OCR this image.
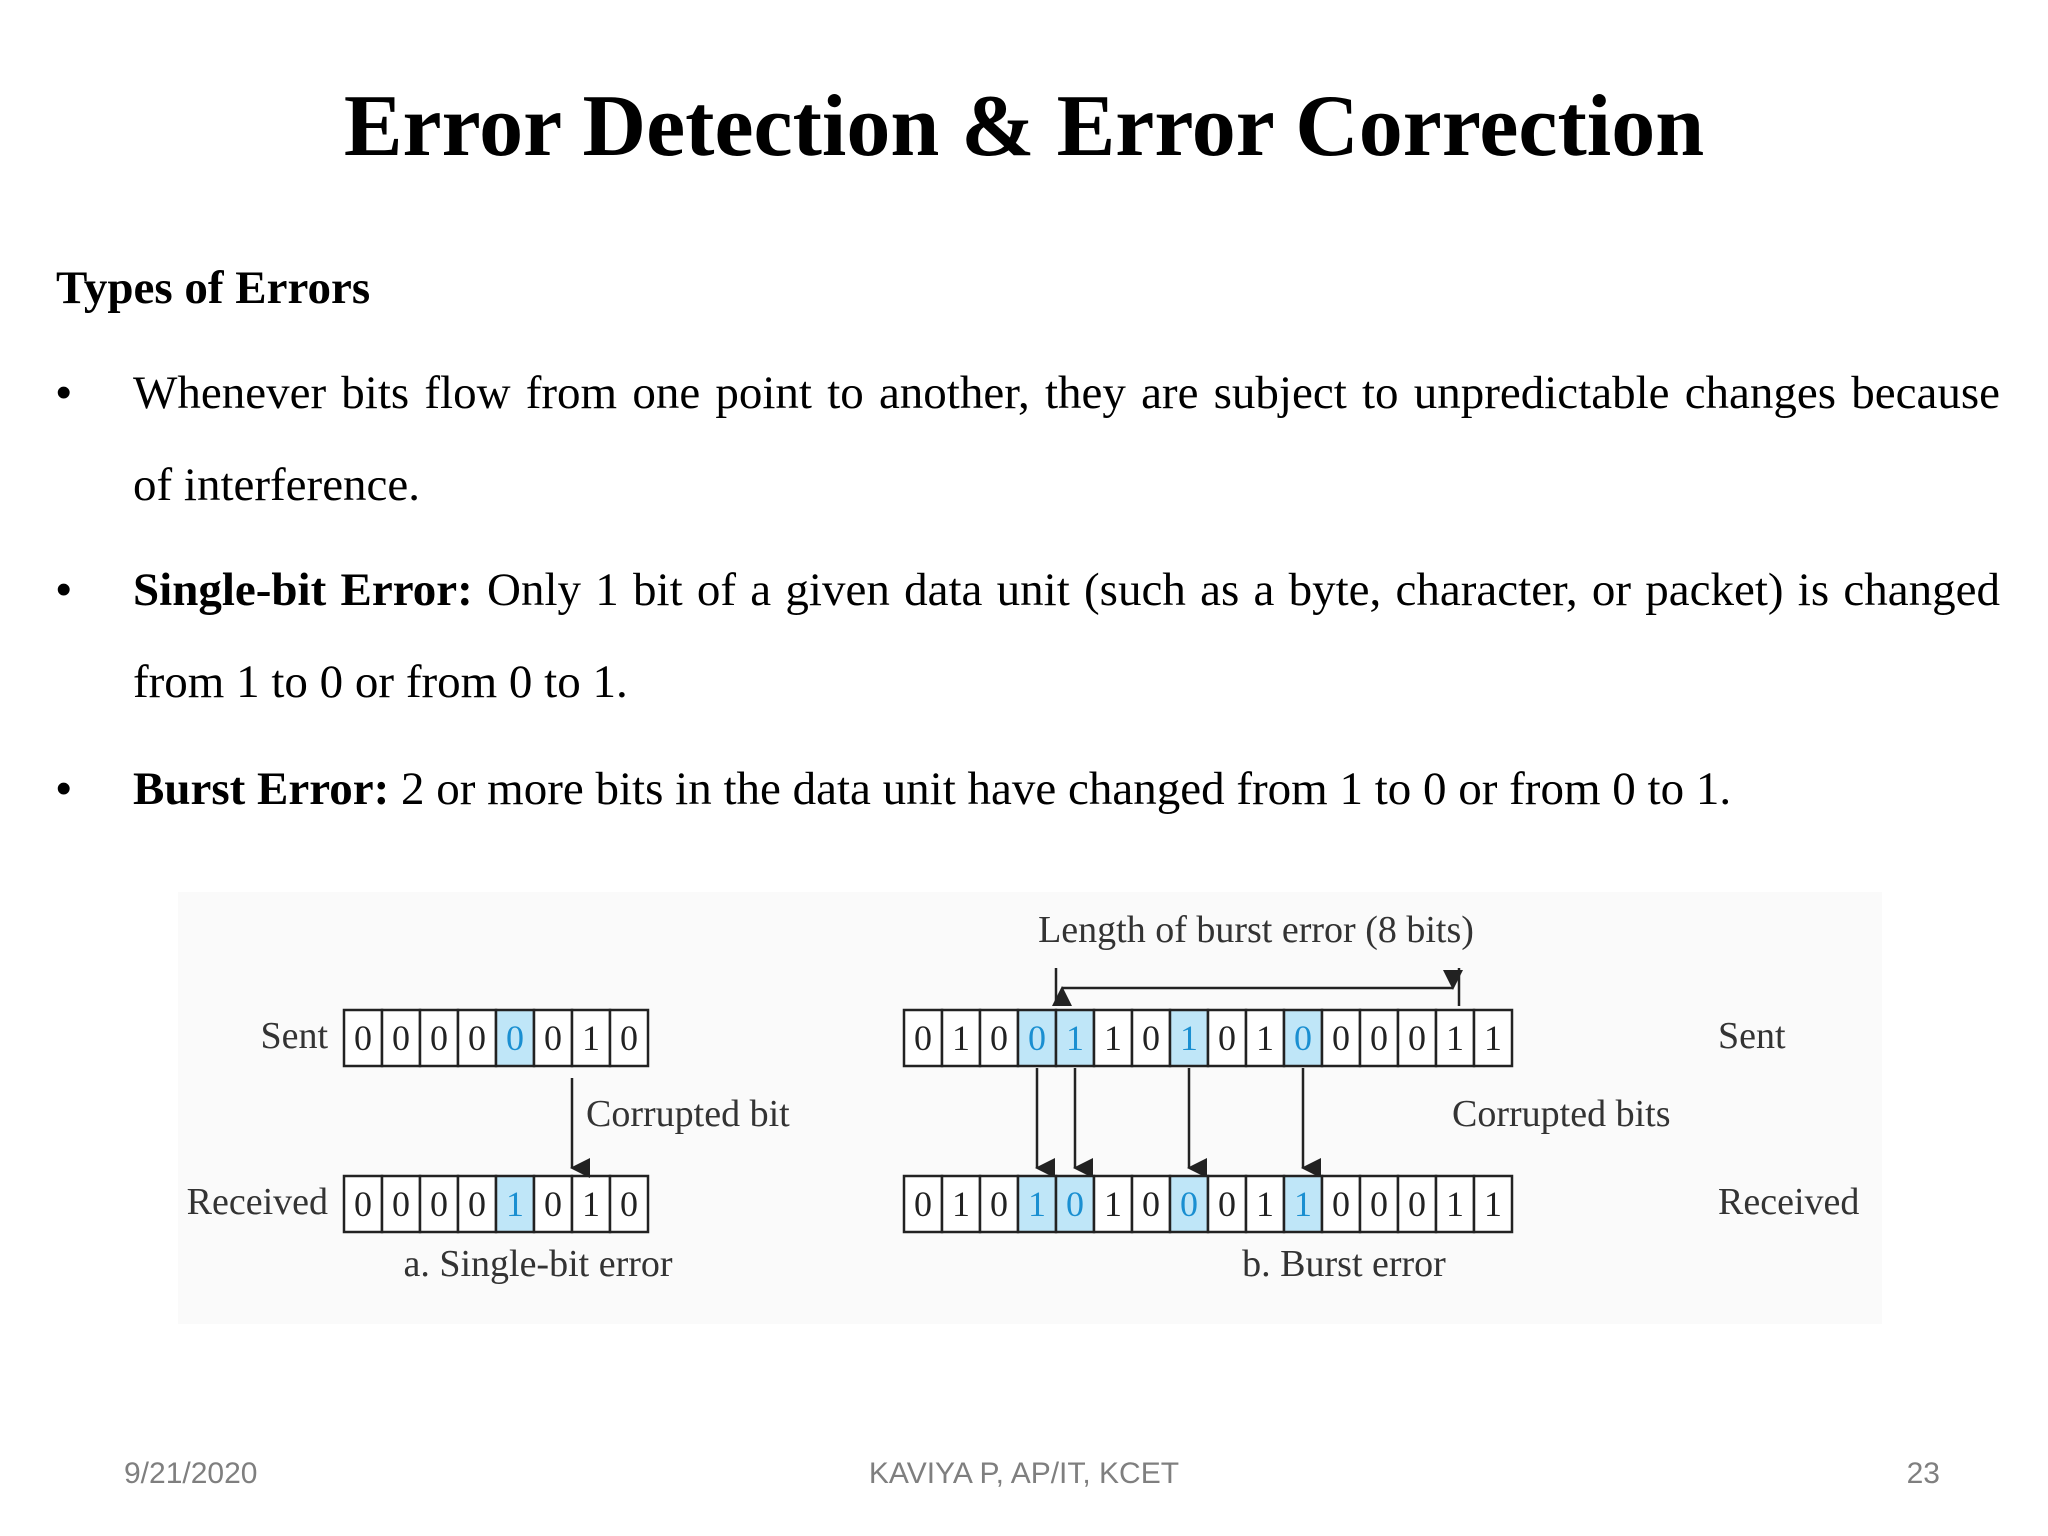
Error Detection & Error Correction
Types of Errors
• Whenever bits flow from one point to another, they are subject to unpredictable changes because of interference.
• Single-bit Error: Only 1 bit of a given data unit (such as a byte, character, or packet) is changed from 1 to 0 or from 0 to 1.
• Burst Error: 2 or more bits in the data unit have changed from 1 to 0 or from 0 to 1.
Sent 0 0 0 0 0 0 1 0
Received 0 0 0 0 1 0 1 0
Corrupted bit
a. Single-bit error
Length of burst error (8 bits)
0 1 0 0 1 1 0 1 0 1 0 0 0 0 1 1	Sent
Corrupted bits
0 1 0 1 0 1 0 0 0 1 1 0 0 0 1 1	Received
b. Burst error
9/21/2020	KAVIYA P, AP/IT, KCET	23
